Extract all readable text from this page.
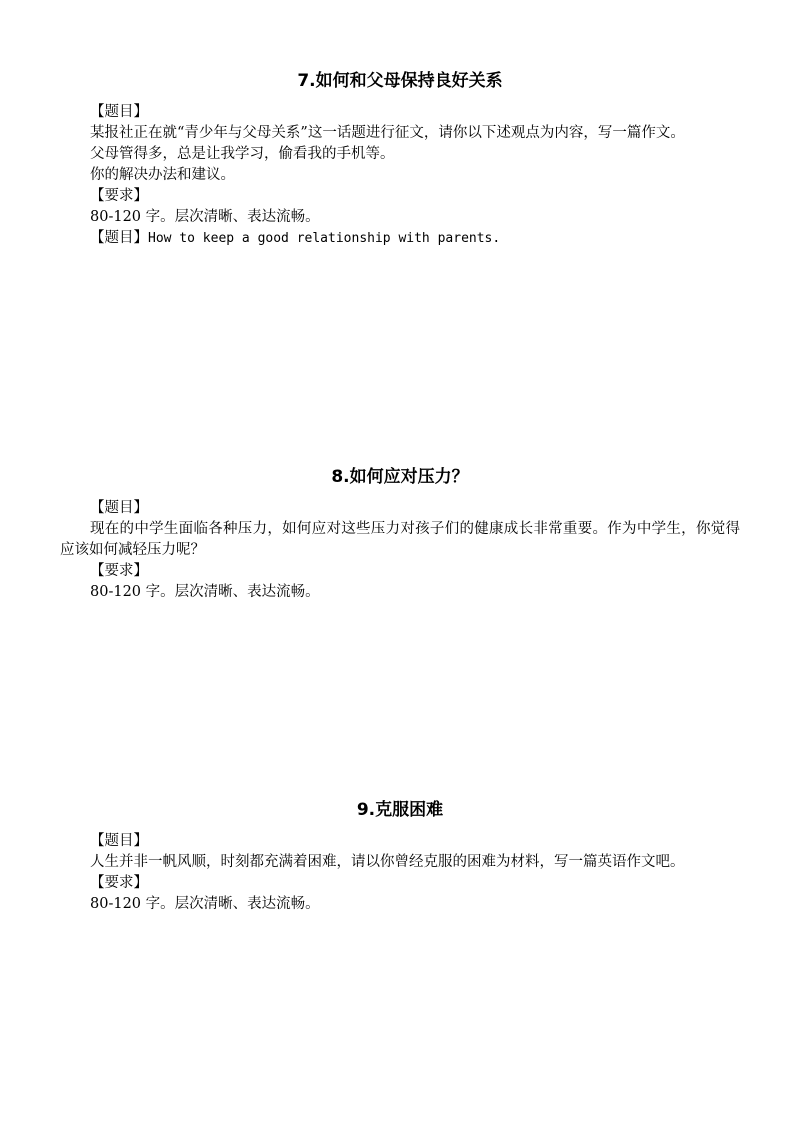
7.如何和父母保持良好关系
【题目】

某报社正在就“青少年与父母关系”这一话题进行征文，请你以下述观点为内容，写一篇作文。

父母管得多，总是让我学习，偷看我的手机等。
你的解决办法和建议。
【要求】
80-120 字。层次清晰、表达流畅。
【题目】How to keep a good relationship with parents.
8.如何应对压力？
【题目】

现在的中学生面临各种压力，如何应对这些压力对孩子们的健康成长非常重要。作为中学生，你觉得应该如何减轻压力呢？

【要求】
80-120 字。层次清晰、表达流畅。
9.克服困难
【题目】

人生并非一帆风顺，时刻都充满着困难，请以你曾经克服的困难为材料，写一篇英语作文吧。

【要求】
80-120 字。层次清晰、表达流畅。
